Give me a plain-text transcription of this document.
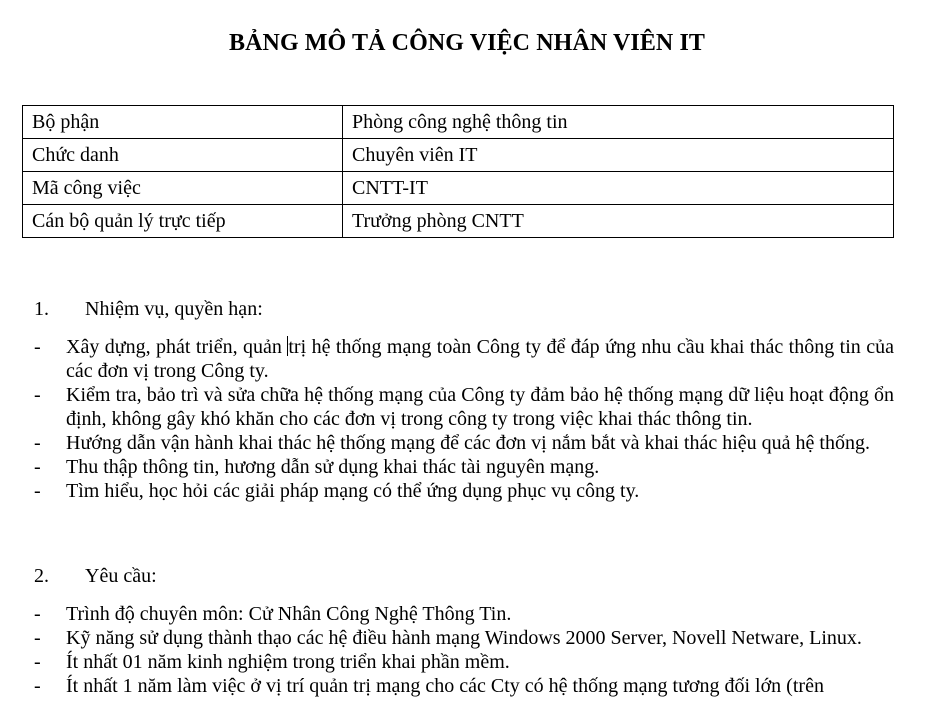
BẢNG MÔ TẢ CÔNG VIỆC NHÂN VIÊN IT
Bộ phận	Phòng công nghệ thông tin
Chức danh	Chuyên viên IT
Mã công việc	CNTT-IT
Cán bộ quản lý trực tiếp	Trưởng phòng CNTT
1. Nhiệm vụ, quyền hạn:
- Xây dựng, phát triển, quản trị hệ thống mạng toàn Công ty để đáp ứng nhu cầu khai thác thông tin của các đơn vị trong Công ty.
- Kiểm tra, bảo trì và sửa chữa hệ thống mạng của Công ty đảm bảo hệ thống mạng dữ liệu hoạt động ổn định, không gây khó khăn cho các đơn vị trong công ty trong việc khai thác thông tin.
- Hướng dẫn vận hành khai thác hệ thống mạng để các đơn vị nắm bắt và khai thác hiệu quả hệ thống.
- Thu thập thông tin, hương dẫn sử dụng khai thác tài nguyên mạng.
- Tìm hiểu, học hỏi các giải pháp mạng có thể ứng dụng phục vụ công ty.
2. Yêu cầu:
- Trình độ chuyên môn: Cử Nhân Công Nghệ Thông Tin.
- Kỹ năng sử dụng thành thạo các hệ điều hành mạng Windows 2000 Server, Novell Netware, Linux.
- Ít nhất 01 năm kinh nghiệm trong triển khai phần mềm.
- Ít nhất 1 năm làm việc ở vị trí quản trị mạng cho các Cty có hệ thống mạng tương đối lớn (trên
